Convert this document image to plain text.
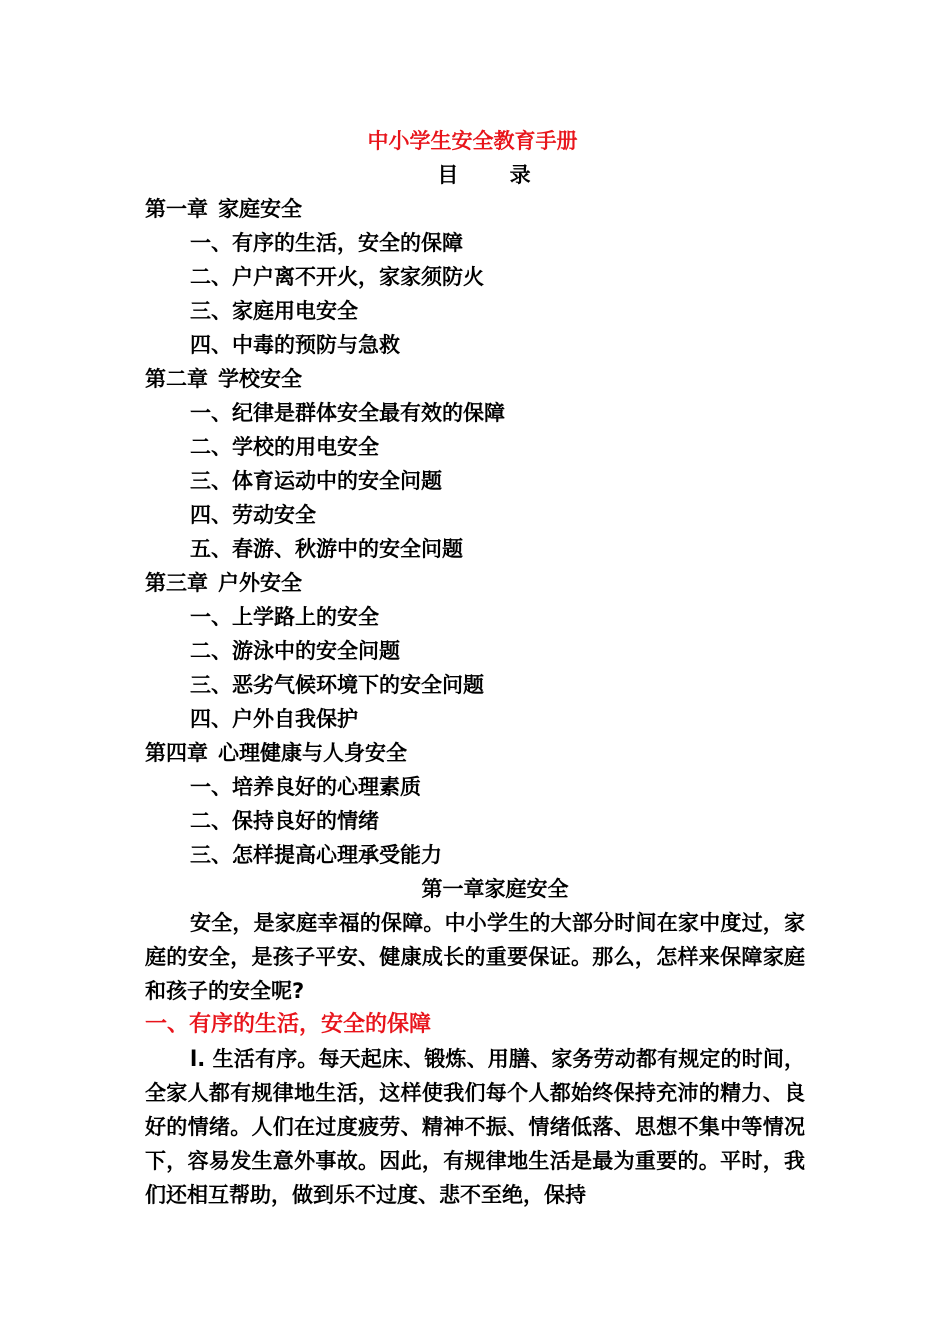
中小学生安全教育手册
目 录
第一章 家庭安全
一、有序的生活，安全的保障
二、户户离不开火，家家须防火
三、家庭用电安全
四、中毒的预防与急救
第二章 学校安全
一、纪律是群体安全最有效的保障
二、学校的用电安全
三、体育运动中的安全问题
四、劳动安全
五、春游、秋游中的安全问题
第三章 户外安全
一、上学路上的安全
二、游泳中的安全问题
三、恶劣气候环境下的安全问题
四、户外自我保护
第四章 心理健康与人身安全
一、培养良好的心理素质
二、保持良好的情绪
三、怎样提高心理承受能力
第一章家庭安全
安全，是家庭幸福的保障。中小学生的大部分时间在家中度过，家庭的安全，是孩子平安、健康成长的重要保证。那么，怎样来保障家庭和孩子的安全呢?
一、有序的生活，安全的保障
l. 生活有序。每天起床、锻炼、用膳、家务劳动都有规定的时间，全家人都有规律地生活，这样使我们每个人都始终保持充沛的精力、良好的情绪。人们在过度疲劳、精神不振、情绪低落、思想不集中等情况下，容易发生意外事故。因此，有规律地生活是最为重要的。平时，我们还相互帮助，做到乐不过度、悲不至绝，保持
